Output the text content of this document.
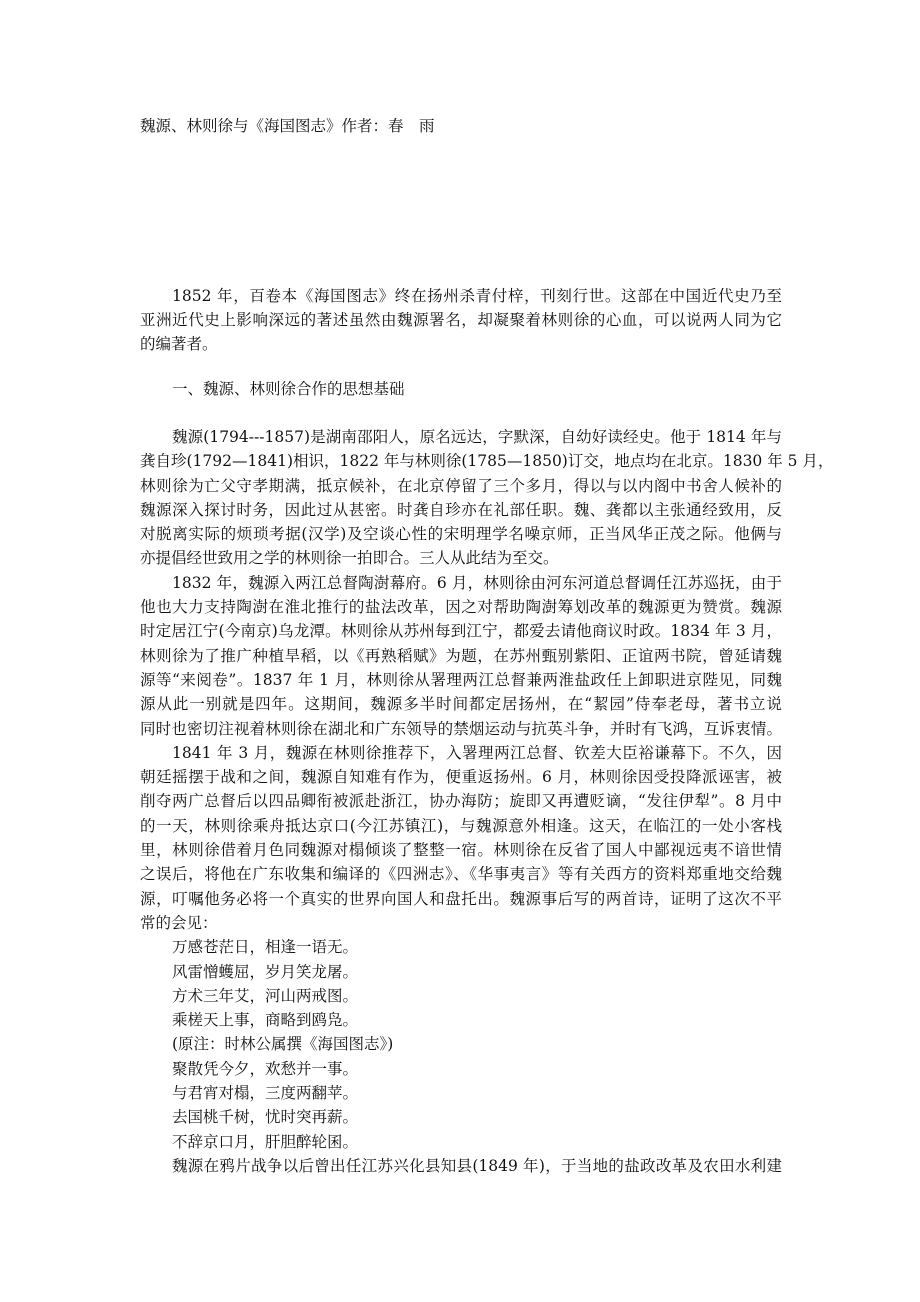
魏源、林则徐与《海国图志》作者：春　雨
1852 年，百卷本《海国图志》终在扬州杀青付梓，刊刻行世。这部在中国近代史乃至
亚洲近代史上影响深远的著述虽然由魏源署名，却凝聚着林则徐的心血，可以说两人同为它
的编著者。
一、魏源、林则徐合作的思想基础
魏源(1794---1857)是湖南邵阳人，原名远达，字默深，自幼好读经史。他于 1814 年与
龚自珍(1792—1841)相识，1822 年与林则徐(1785—1850)订交，地点均在北京。1830 年 5 月，
林则徐为亡父守孝期满，抵京候补，在北京停留了三个多月，得以与以内阁中书舍人候补的
魏源深入探讨时务，因此过从甚密。时龚自珍亦在礼部任职。魏、龚都以主张通经致用，反
对脱离实际的烦琐考据(汉学)及空谈心性的宋明理学名噪京师，正当风华正茂之际。他俩与
亦提倡经世致用之学的林则徐一拍即合。三人从此结为至交。
1832 年，魏源入两江总督陶澍幕府。6 月，林则徐由河东河道总督调任江苏巡抚，由于
他也大力支持陶澍在淮北推行的盐法改革，因之对帮助陶澍筹划改革的魏源更为赞赏。魏源
时定居江宁(今南京)乌龙潭。林则徐从苏州每到江宁，都爱去请他商议时政。1834 年 3 月，
林则徐为了推广种植旱稻，以《再熟稻赋》为题，在苏州甄别紫阳、正谊两书院，曾延请魏
源等“来阅卷”。1837 年 1 月，林则徐从署理两江总督兼两淮盐政任上卸职进京陛见，同魏
源从此一别就是四年。这期间，魏源多半时间都定居扬州，在“絜园”侍奉老母，著书立说
同时也密切注视着林则徐在湖北和广东领导的禁烟运动与抗英斗争，并时有飞鸿，互诉衷情。
1841 年 3 月，魏源在林则徐推荐下，入署理两江总督、钦差大臣裕谦幕下。不久，因
朝廷摇摆于战和之间，魏源自知难有作为，便重返扬州。6 月，林则徐因受投降派诬害，被
削夺两广总督后以四品卿衔被派赴浙江，协办海防；旋即又再遭贬谪，“发往伊犁”。8 月中
的一天，林则徐乘舟抵达京口(今江苏镇江)，与魏源意外相逢。这天，在临江的一处小客栈
里，林则徐借着月色同魏源对榻倾谈了整整一宿。林则徐在反省了国人中鄙视远夷不谙世情
之误后，将他在广东收集和编译的《四洲志》、《华事夷言》等有关西方的资料郑重地交给魏
源，叮嘱他务必将一个真实的世界向国人和盘托出。魏源事后写的两首诗，证明了这次不平
常的会见：
万感苍茫日，相逢一语无。
风雷憎蠖屈，岁月笑龙屠。
方术三年艾，河山两戒图。
乘槎天上事，商略到鸥凫。
(原注：时林公属撰《海国图志》)
聚散凭今夕，欢愁并一事。
与君宵对榻，三度两翻苹。
去国桃千树，忧时突再薪。
不辞京口月，肝胆醉轮囷。
魏源在鸦片战争以后曾出任江苏兴化县知县(1849 年)，于当地的盐政改革及农田水利建
